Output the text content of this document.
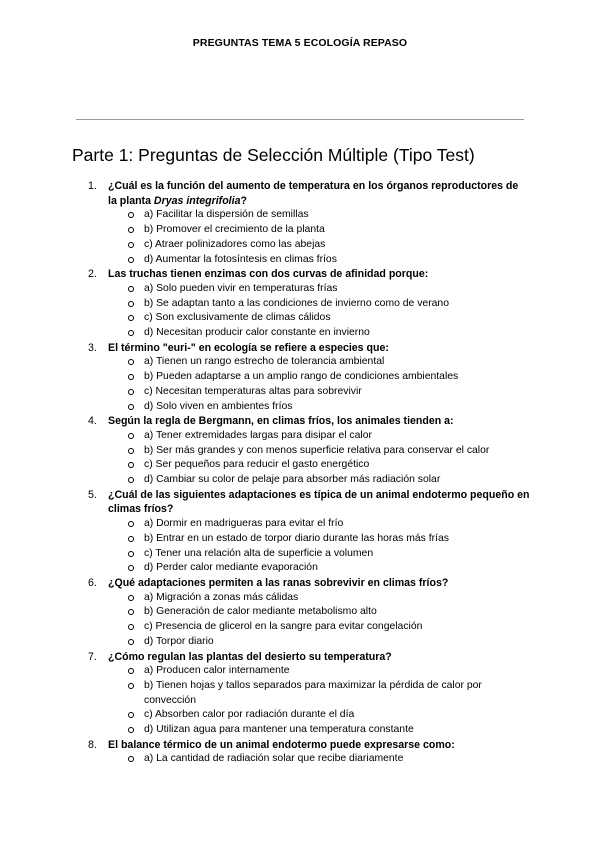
PREGUNTAS TEMA 5 ECOLOGÍA REPASO
Parte 1: Preguntas de Selección Múltiple (Tipo Test)
1. ¿Cuál es la función del aumento de temperatura en los órganos reproductores de la planta Dryas integrifolia?
a) Facilitar la dispersión de semillas
b) Promover el crecimiento de la planta
c) Atraer polinizadores como las abejas
d) Aumentar la fotosíntesis en climas fríos
2. Las truchas tienen enzimas con dos curvas de afinidad porque:
a) Solo pueden vivir en temperaturas frías
b) Se adaptan tanto a las condiciones de invierno como de verano
c) Son exclusivamente de climas cálidos
d) Necesitan producir calor constante en invierno
3. El término "euri-" en ecología se refiere a especies que:
a) Tienen un rango estrecho de tolerancia ambiental
b) Pueden adaptarse a un amplio rango de condiciones ambientales
c) Necesitan temperaturas altas para sobrevivir
d) Solo viven en ambientes fríos
4. Según la regla de Bergmann, en climas fríos, los animales tienden a:
a) Tener extremidades largas para disipar el calor
b) Ser más grandes y con menos superficie relativa para conservar el calor
c) Ser pequeños para reducir el gasto energético
d) Cambiar su color de pelaje para absorber más radiación solar
5. ¿Cuál de las siguientes adaptaciones es típica de un animal endotermo pequeño en climas fríos?
a) Dormir en madrigueras para evitar el frío
b) Entrar en un estado de torpor diario durante las horas más frías
c) Tener una relación alta de superficie a volumen
d) Perder calor mediante evaporación
6. ¿Qué adaptaciones permiten a las ranas sobrevivir en climas fríos?
a) Migración a zonas más cálidas
b) Generación de calor mediante metabolismo alto
c) Presencia de glicerol en la sangre para evitar congelación
d) Torpor diario
7. ¿Cómo regulan las plantas del desierto su temperatura?
a) Producen calor internamente
b) Tienen hojas y tallos separados para maximizar la pérdida de calor por convección
c) Absorben calor por radiación durante el día
d) Utilizan agua para mantener una temperatura constante
8. El balance térmico de un animal endotermo puede expresarse como:
a) La cantidad de radiación solar que recibe diariamente
